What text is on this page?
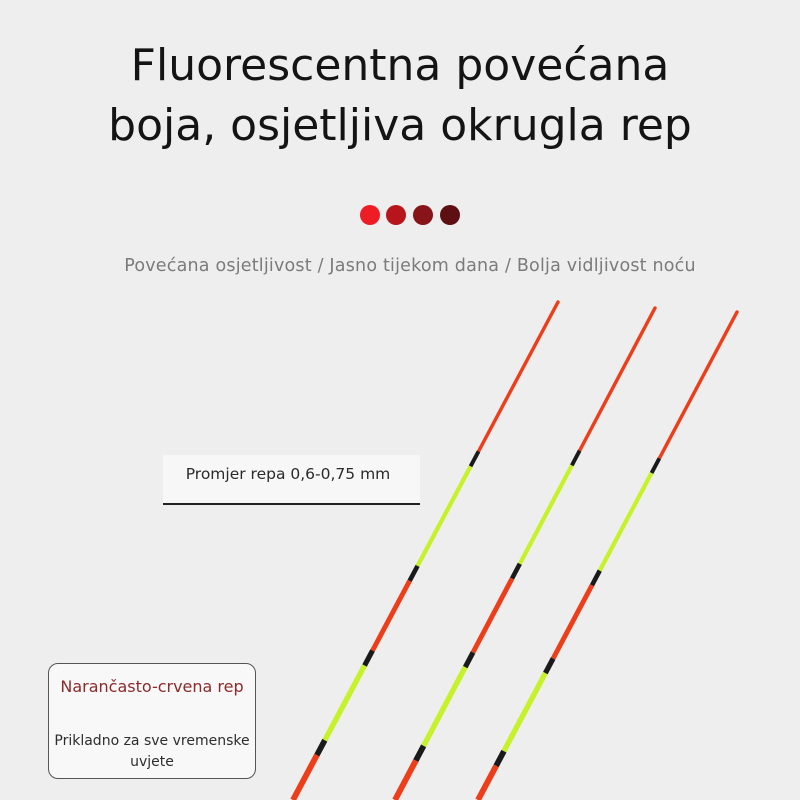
Fluorescentna povećana
boja, osjetljiva okrugla rep
Povećana osjetljivost / Jasno tijekom dana / Bolja vidljivost noću
Promjer repa 0,6-0,75 mm
Narančasto-crvena rep
Prikladno za sve vremenske uvjete
